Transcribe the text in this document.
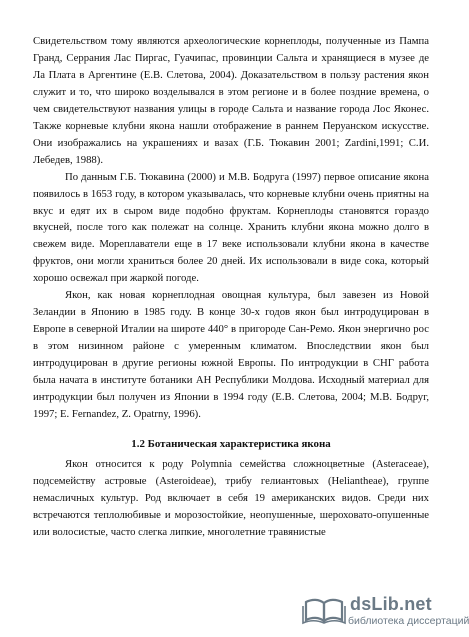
Свидетельством тому являются археологические корнеплоды, полученные из Пампа Гранд, Серрания Лас Пиргас, Гуачипас, провинции Сальта и хранящиеся в музее де Ла Плата в Аргентине (Е.В. Слетова, 2004). Доказательством в пользу растения якон служит и то, что широко возделывался в этом регионе и в более поздние времена, о чем свидетельствуют названия улицы в городе Сальта и название города Лос Яконес. Также корневые клубни якона нашли отображение в раннем Перуанском искусстве. Они изображались на украшениях и вазах (Г.Б. Тюкавин 2001; Zardini,1991; С.И. Лебедев, 1988).

По данным Г.Б. Тюкавина (2000) и М.В. Бодруга (1997) первое описание якона появилось в 1653 году, в котором указывалась, что корневые клубни очень приятны на вкус и едят их в сыром виде подобно фруктам. Корнеплоды становятся гораздо вкусней, после того как полежат на солнце. Хранить клубни якона можно долго в свежем виде. Мореплаватели еще в 17 веке использовали клубни якона в качестве фруктов, они могли храниться более 20 дней. Их использовали в виде сока, который хорошо освежал при жаркой погоде.

Якон, как новая корнеплодная овощная культура, был завезен из Новой Зеландии в Японию в 1985 году. В конце 30-х годов якон был интродуцирован в Европе в северной Италии на широте 440° в пригороде Сан-Ремо. Якон энергично рос в этом низинном районе с умеренным климатом. Впоследствии якон был интродуцирован в другие регионы южной Европы. По интродукции в СНГ работа была начата в институте ботаники АН Республики Молдова. Исходный материал для интродукции был получен из Японии в 1994 году (Е.В. Слетова, 2004; М.В. Бодруг, 1997; E. Fernandez, Z. Opatrny, 1996).

1.2 Ботаническая характеристика якона

Якон относится к роду Polymnia семейства сложноцветные (Asteraceae), подсемейству астровые (Asteroideae), трибу гелиантовых (Heliantheae), группе немасличных культур. Род включает в себя 19 американских видов. Среди них встречаются теплолюбивые и морозостойкие, неопушенные, шероховато-опушенные или волосистые, часто слегка липкие, многолетние травянистые

dsLib.net
библиотека диссертаций
